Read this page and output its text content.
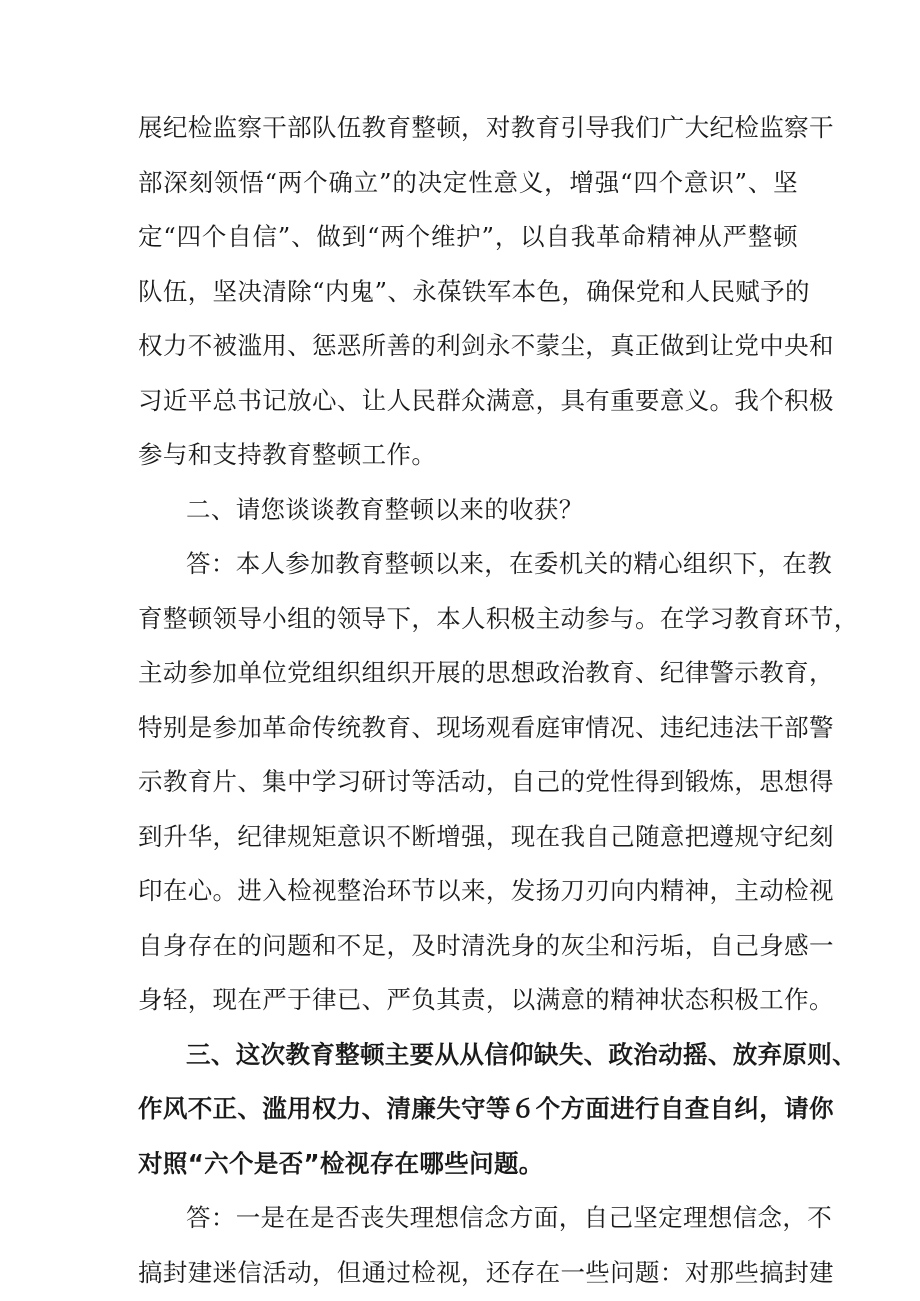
展纪检监察干部队伍教育整顿，对教育引导我们广大纪检监察干
部深刻领悟“两个确立”的决定性意义，增强“四个意识”、坚
定“四个自信”、做到“两个维护”，以自我革命精神从严整顿
队伍，坚决清除“内鬼”、永葆铁军本色，确保党和人民赋予的
权力不被滥用、惩恶所善的利剑永不蒙尘，真正做到让党中央和
习近平总书记放心、让人民群众满意，具有重要意义。我个积极
参与和支持教育整顿工作。
二、请您谈谈教育整顿以来的收获？
答：本人参加教育整顿以来，在委机关的精心组织下，在教
育整顿领导小组的领导下，本人积极主动参与。在学习教育环节，
主动参加单位党组织组织开展的思想政治教育、纪律警示教育，
特别是参加革命传统教育、现场观看庭审情况、违纪违法干部警
示教育片、集中学习研讨等活动，自己的党性得到锻炼，思想得
到升华，纪律规矩意识不断增强，现在我自己随意把遵规守纪刻
印在心。进入检视整治环节以来，发扬刀刃向内精神，主动检视
自身存在的问题和不足，及时清洗身的灰尘和污垢，自己身感一
身轻，现在严于律已、严负其责，以满意的精神状态积极工作。
三、这次教育整顿主要从从信仰缺失、政治动摇、放弃原则、
作风不正、滥用权力、清廉失守等６个方面进行自查自纠，请你
对照“六个是否”检视存在哪些问题。
答：一是在是否丧失理想信念方面，自己坚定理想信念，不
搞封建迷信活动，但通过检视，还存在一些问题：对那些搞封建
